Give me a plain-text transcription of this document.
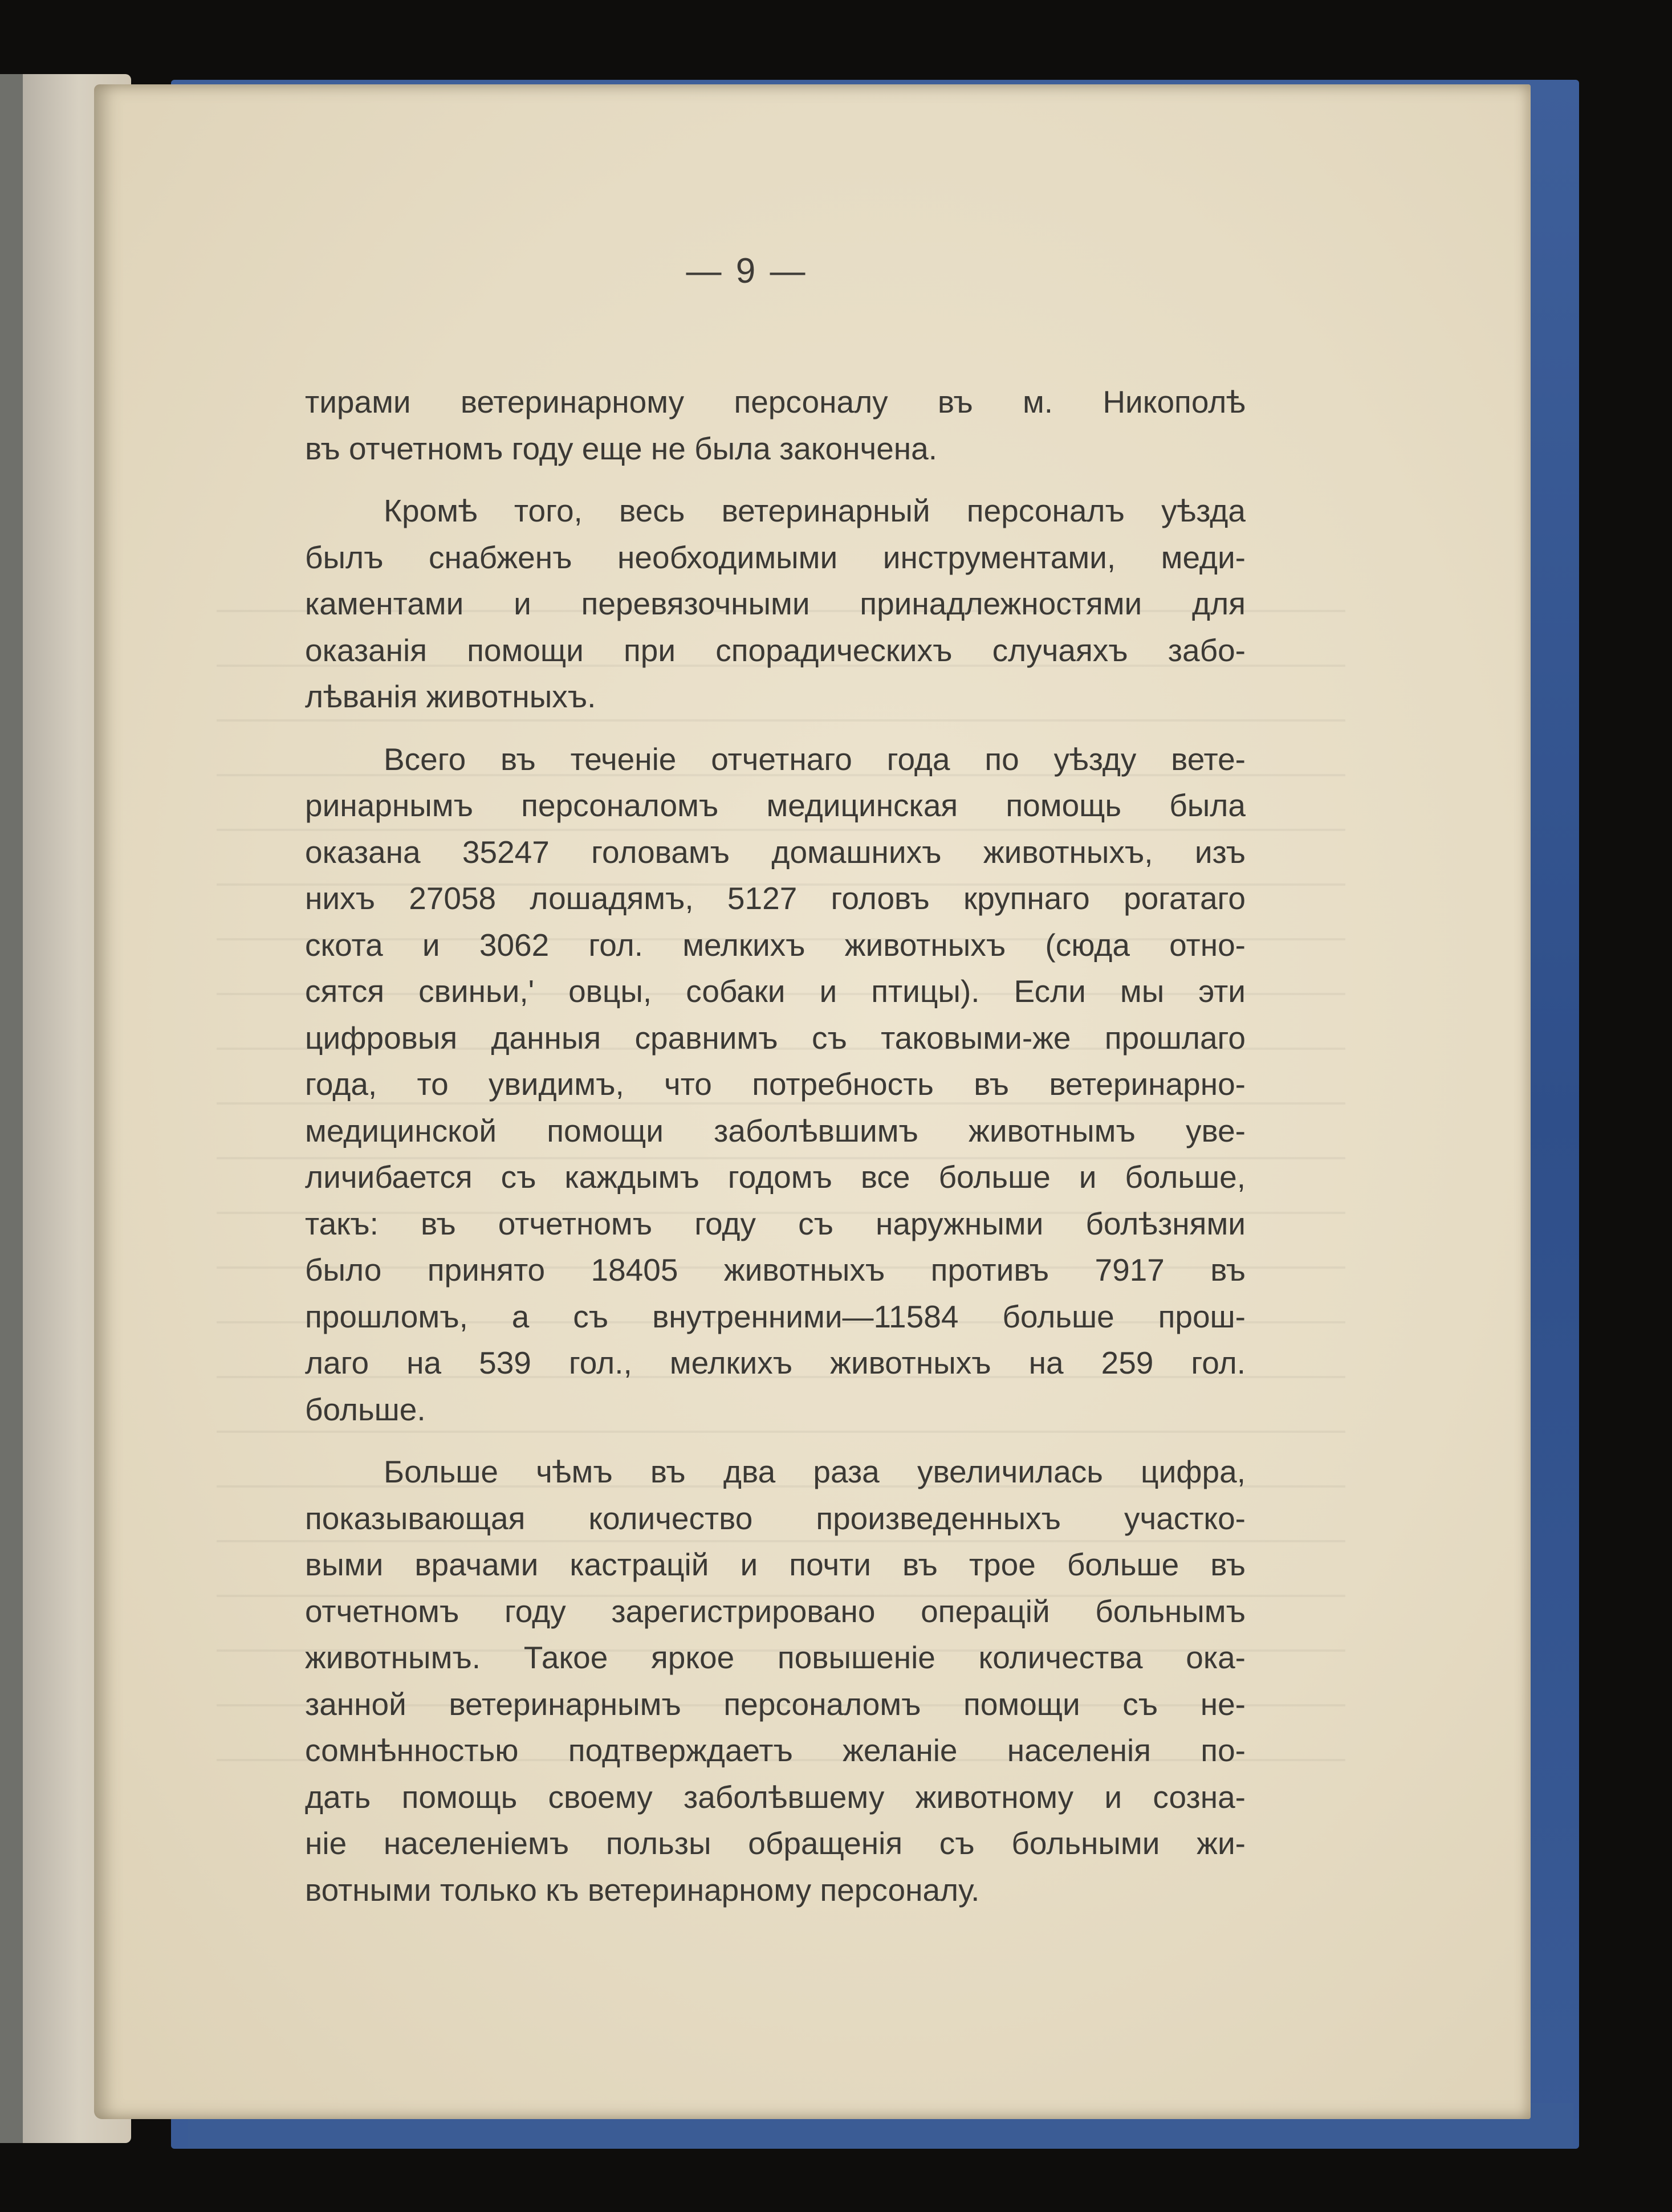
— 9 —
тирами ветеринарному персоналу въ м. Никополѣ
въ отчетномъ году еще не была закончена.
Кромѣ того, весь ветеринарный персоналъ уѣзда
былъ снабженъ необходимыми инструментами, меди-
каментами и перевязочными принадлежностями для
оказанія помощи при спорадическихъ случаяхъ забо-
лѣванія животныхъ.
Всего въ теченіе отчетнаго года по уѣзду вете-
ринарнымъ персоналомъ медицинская помощь была
оказана 35247 головамъ домашнихъ животныхъ, изъ
нихъ 27058 лошадямъ, 5127 головъ крупнаго рогатаго
скота и 3062 гол. мелкихъ животныхъ (сюда отно-
сятся свиньи,' овцы, собаки и птицы). Если мы эти
цифровыя данныя сравнимъ съ таковыми-же прошлаго
года, то увидимъ, что потребность въ ветеринарно-
медицинской помощи заболѣвшимъ животнымъ уве-
личибается съ каждымъ годомъ все больше и больше,
такъ: въ отчетномъ году съ наружными болѣзнями
было принято 18405 животныхъ противъ 7917 въ
прошломъ, а съ внутренними—11584 больше прош-
лаго на 539 гол., мелкихъ животныхъ на 259 гол.
больше.
Больше чѣмъ въ два раза увеличилась цифра,
показывающая количество произведенныхъ участко-
выми врачами кастрацій и почти въ трое больше въ
отчетномъ году зарегистрировано операцій больнымъ
животнымъ. Такое яркое повышеніе количества ока-
занной ветеринарнымъ персоналомъ помощи съ не-
сомнѣнностью подтверждаетъ желаніе населенія по-
дать помощь своему заболѣвшему животному и созна-
ніе населеніемъ пользы обращенія съ больными жи-
вотными только къ ветеринарному персоналу.
